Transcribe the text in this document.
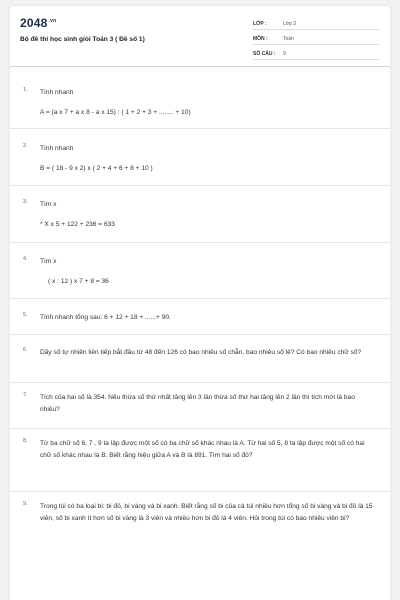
$2048^{.vn}$
Bộ đề thi học sinh giỏi Toán 3 ( Đề số 1)
LỚP :	Lớp 3
MÔN :	Toán
SỐ CÂU : 9
1. Tính nhanh
A = (a x 7 + a x 8 - a x 15) : ( 1 + 2 + 3 + ........ + 10)
2. Tính nhanh
B = ( 18 - 9 x 2) x ( 2 + 4 + 6 + 8 + 10 )
3. Tìm x
* X x 5 + 122 + 236 = 633
4. Tìm x
( x : 12 ) x 7 + 8 = 36
5. Tính nhanh tổng sau: 6 + 12 + 18 + ......+ 90.
6. Dãy số tự nhiên liên tiếp bắt đầu từ 48 đến 126 có bao nhiêu số chẵn, bao nhiêu số lẻ? Có bao nhiêu chữ số?
7. Tích của hai số là 354. Nếu thừa số thứ nhất tăng lên 3 lần thừa số thứ hai tăng lên 2 lần thì tích mới là bao nhiêu?
8. Từ ba chữ số 6, 7 , 9 ta lập được một số có ba chữ số khác nhau là A. Từ hai số 5, 8 ta lập được một số có hai chữ số khác nhau là B. Biết rằng hiệu giữa A và B là 891. Tìm hai số đó?
9. Trong túi có ba loại bi: bi đỏ, bi vàng và bi xanh. Biết rằng số bi của cả túi nhiều hơn tổng số bi vàng và bi đỏ là 15 viên, số bi xanh ít hơn số bi vàng là 3 viên và nhiều hơn bi đỏ là 4 viên. Hỏi trong túi có bao nhiêu viên bi?
